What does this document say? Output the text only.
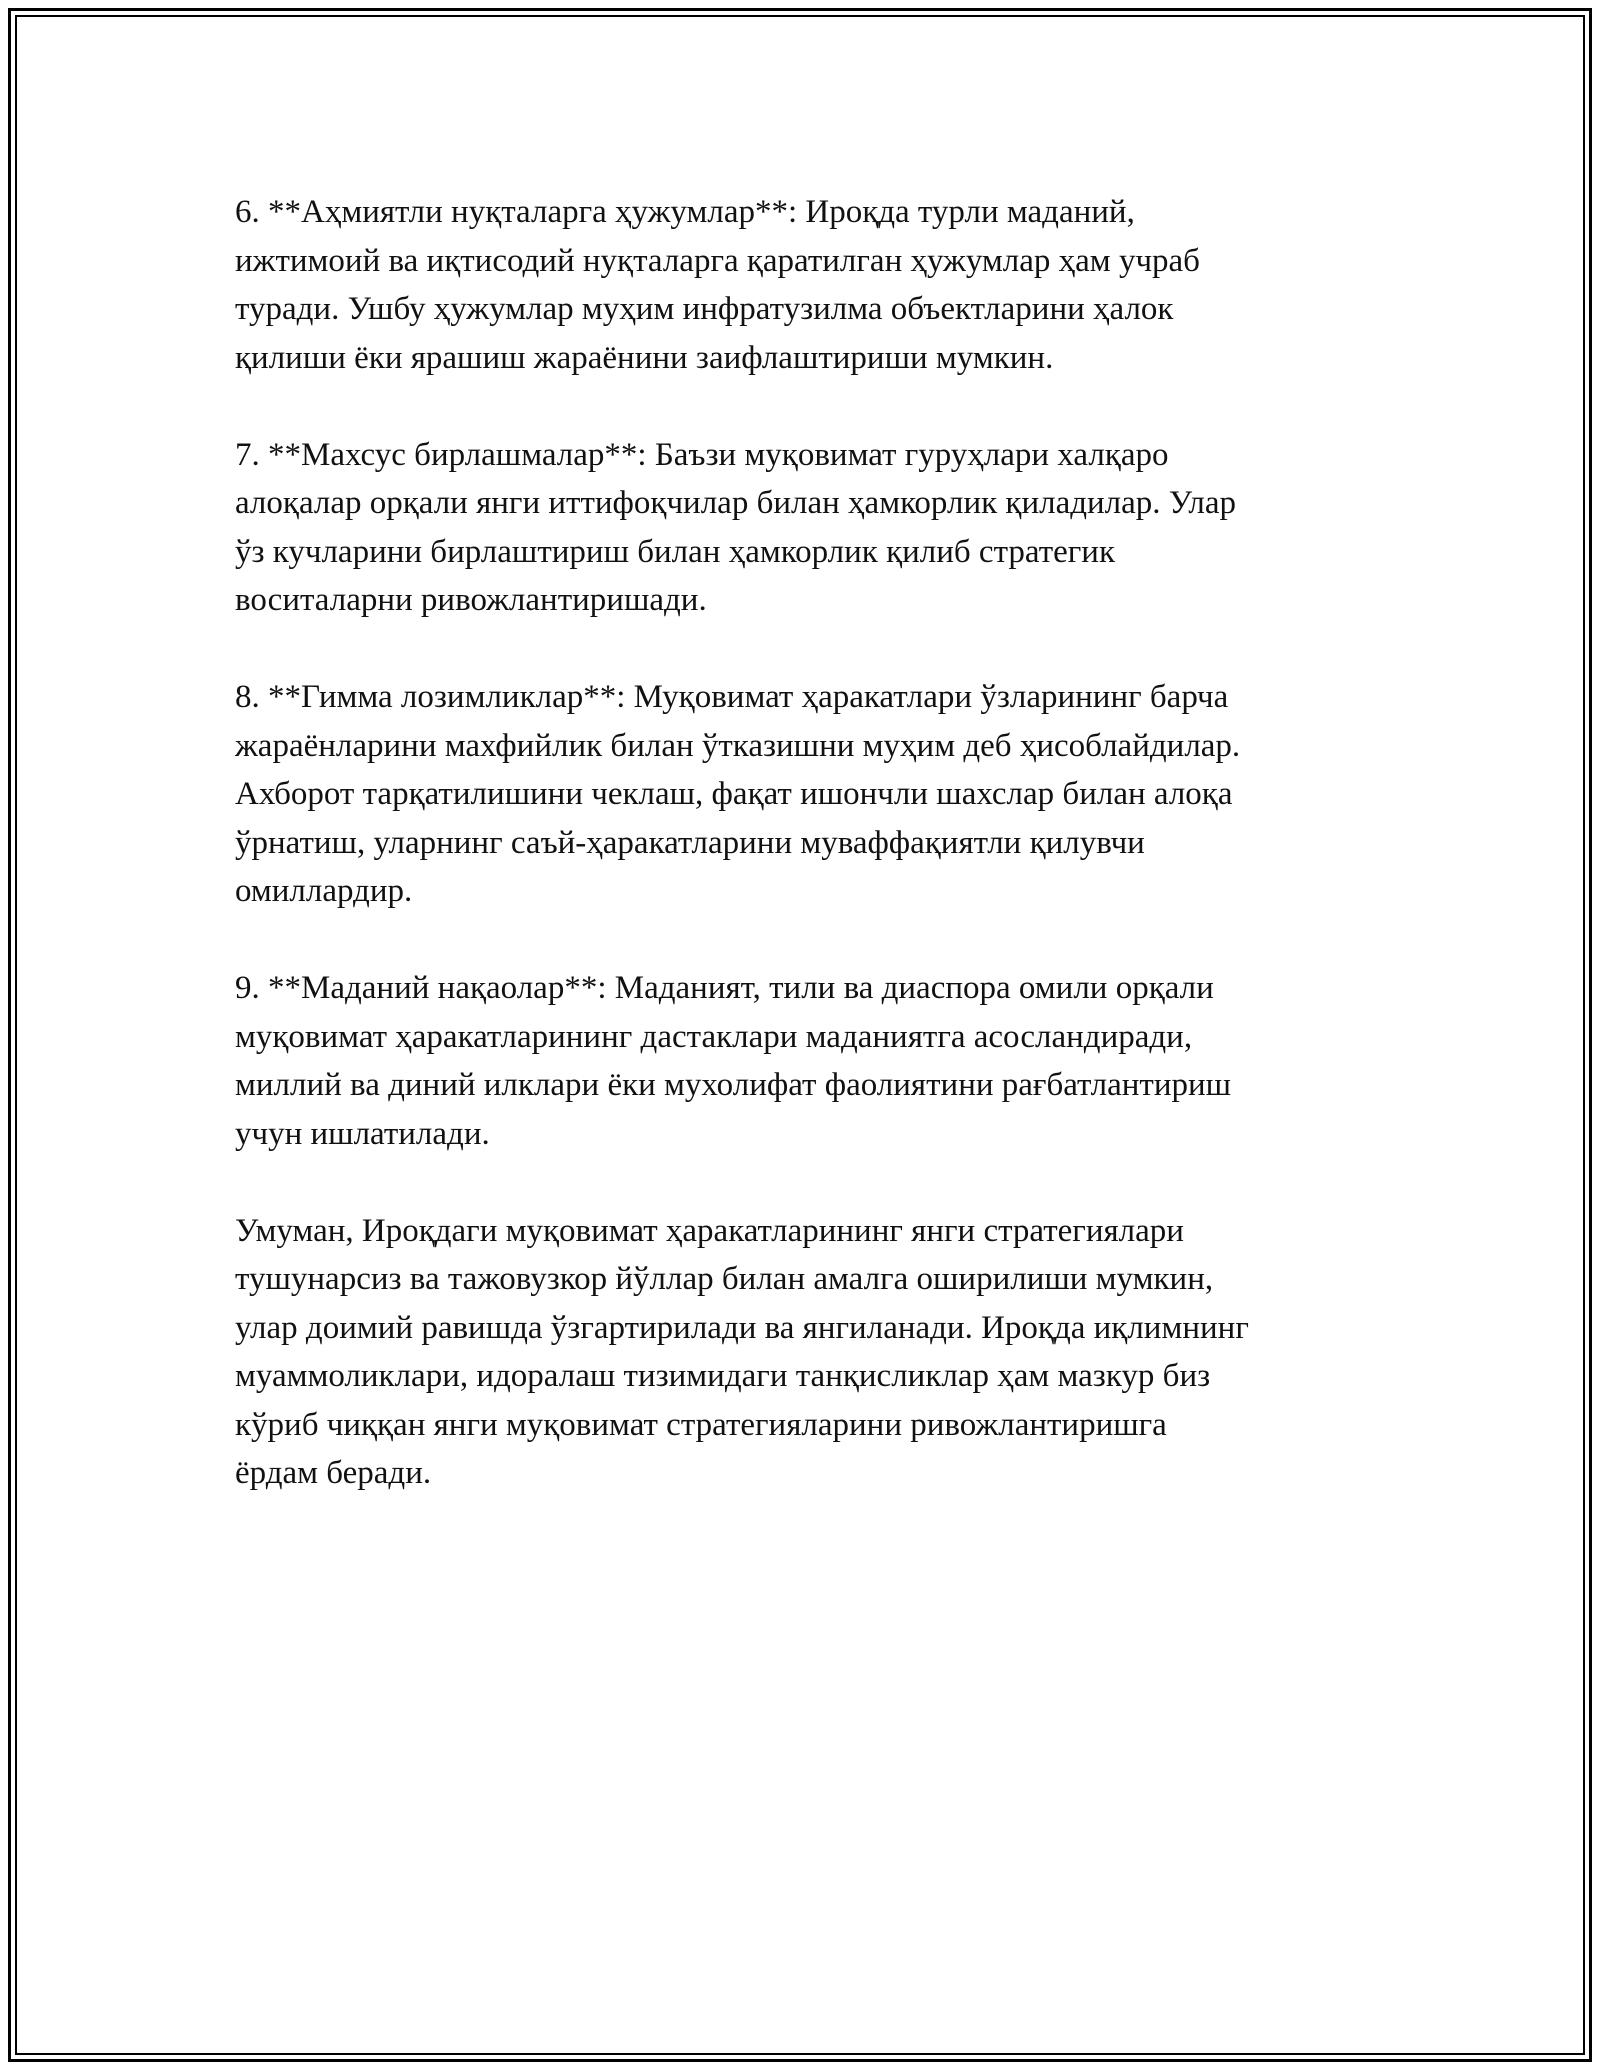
6. **Аҳмиятли нуқталарга ҳужумлар**: Ироқда турли маданий,
ижтимоий ва иқтисодий нуқталарга қаратилган ҳужумлар ҳам учраб
туради. Ушбу ҳужумлар муҳим инфратузилма объектларини ҳалок
қилиши ёки ярашиш жараёнини заифлаштириши мумкин.

7. **Махсус бирлашмалар**: Баъзи муқовимат гуруҳлари халқаро
алоқалар орқали янги иттифоқчилар билан ҳамкорлик қиладилар. Улар
ўз кучларини бирлаштириш билан ҳамкорлик қилиб стратегик
воситаларни ривожлантиришади.

8. **Гимма лозимликлар**: Муқовимат ҳаракатлари ўзларининг барча
жараёнларини махфийлик билан ўтказишни муҳим деб ҳисоблайдилар.
Ахборот тарқатилишини чеклаш, фақат ишончли шахслар билан алоқа
ўрнатиш, уларнинг саъй-ҳаракатларини муваффақиятли қилувчи
омиллардир.

9. **Маданий нақаолар**: Маданият, тили ва диаспора омили орқали
муқовимат ҳаракатларининг дастаклари маданиятга асосландиради,
миллий ва диний илклари ёки мухолифат фаолиятини рағбатлантириш
учун ишлатилади.

Умуман, Ироқдаги муқовимат ҳаракатларининг янги стратегиялари
тушунарсиз ва тажовузкор йўллар билан амалга оширилиши мумкин,
улар доимий равишда ўзгартирилади ва янгиланади. Ироқда иқлимнинг
муаммоликлари, идоралаш тизимидаги танқисликлар ҳам мазкур биз
кўриб чиққан янги муқовимат стратегияларини ривожлантиришга
ёрдам беради.
